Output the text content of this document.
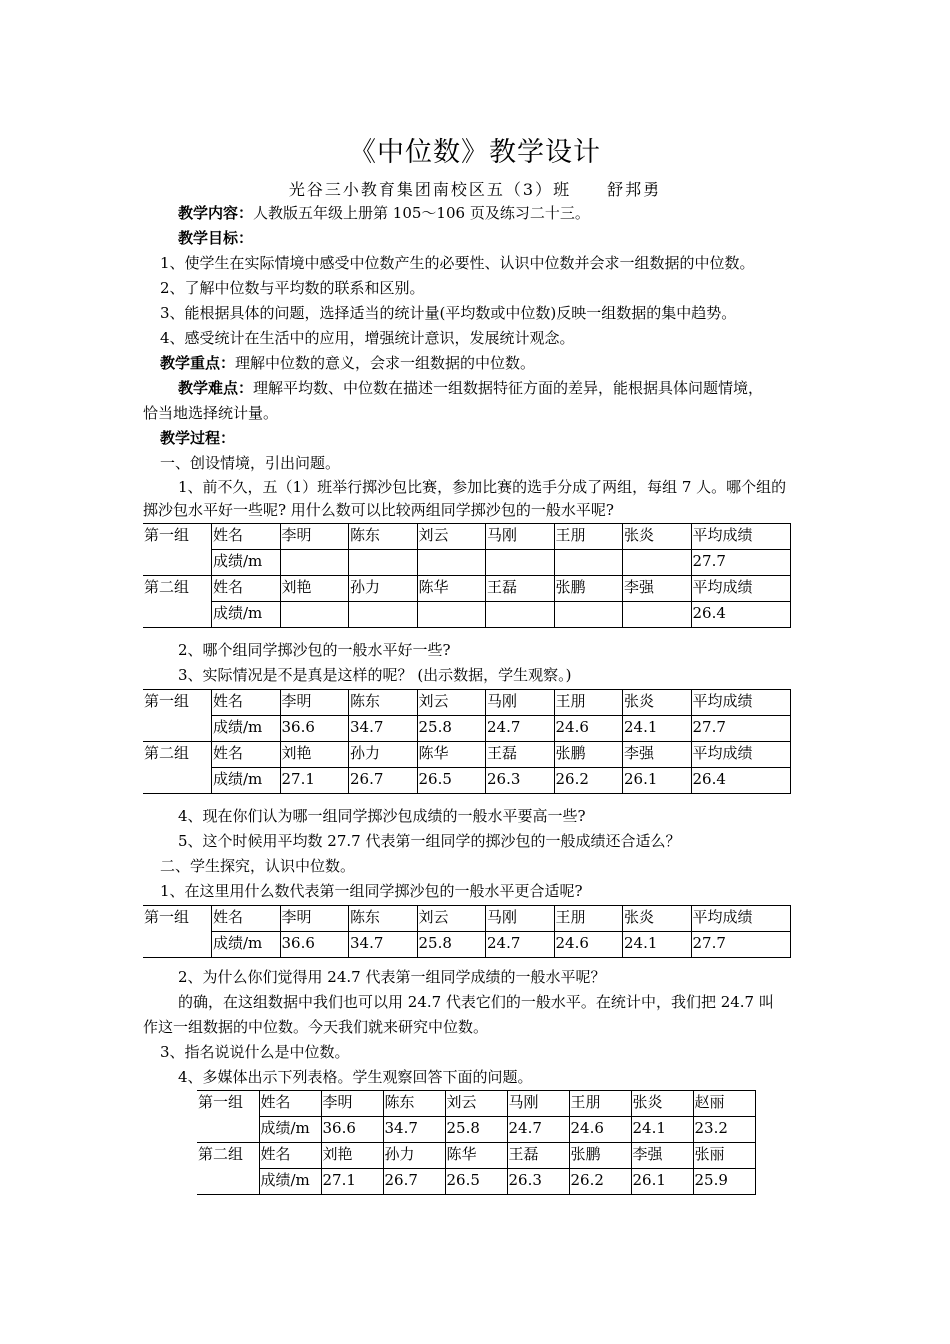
《中位数》教学设计
光谷三小教育集团南校区五（3）班　　舒邦勇
教学内容：人教版五年级上册第 105～106 页及练习二十三。
教学目标：
1、使学生在实际情境中感受中位数产生的必要性、认识中位数并会求一组数据的中位数。
2、了解中位数与平均数的联系和区别。
3、能根据具体的问题，选择适当的统计量(平均数或中位数)反映一组数据的集中趋势。
4、感受统计在生活中的应用，增强统计意识，发展统计观念。
教学重点：理解中位数的意义，会求一组数据的中位数。
教学难点：理解平均数、中位数在描述一组数据特征方面的差异，能根据具体问题情境，
恰当地选择统计量。
教学过程：
一、创设情境，引出问题。
1、前不久，五（1）班举行掷沙包比赛，参加比赛的选手分成了两组，每组 7 人。哪个组的
掷沙包水平好一些呢? 用什么数可以比较两组同学掷沙包的一般水平呢?
第一组	姓名	李明	陈东	刘云	马刚	王朋	张炎	平均成绩
	成绩/m							27.7
第二组	姓名	刘艳	孙力	陈华	王磊	张鹏	李强	平均成绩
	成绩/m							26.4
2、哪个组同学掷沙包的一般水平好一些?
3、实际情况是不是真是这样的呢？ (出示数据，学生观察。)
第一组	姓名	李明	陈东	刘云	马刚	王朋	张炎	平均成绩
	成绩/m	36.6	34.7	25.8	24.7	24.6	24.1	27.7
第二组	姓名	刘艳	孙力	陈华	王磊	张鹏	李强	平均成绩
	成绩/m	27.1	26.7	26.5	26.3	26.2	26.1	26.4
4、现在你们认为哪一组同学掷沙包成绩的一般水平要高一些?
5、这个时候用平均数 27.7 代表第一组同学的掷沙包的一般成绩还合适么？
二、学生探究，认识中位数。
1、在这里用什么数代表第一组同学掷沙包的一般水平更合适呢?
第一组	姓名	李明	陈东	刘云	马刚	王朋	张炎	平均成绩
	成绩/m	36.6	34.7	25.8	24.7	24.6	24.1	27.7
2、为什么你们觉得用 24.7 代表第一组同学成绩的一般水平呢？
的确，在这组数据中我们也可以用 24.7 代表它们的一般水平。在统计中，我们把 24.7 叫
作这一组数据的中位数。今天我们就来研究中位数。
3、指名说说什么是中位数。
4、多媒体出示下列表格。学生观察回答下面的问题。
第一组	姓名	李明	陈东	刘云	马刚	王朋	张炎	赵丽
	成绩/m	36.6	34.7	25.8	24.7	24.6	24.1	23.2
第二组	姓名	刘艳	孙力	陈华	王磊	张鹏	李强	张丽
	成绩/m	27.1	26.7	26.5	26.3	26.2	26.1	25.9
